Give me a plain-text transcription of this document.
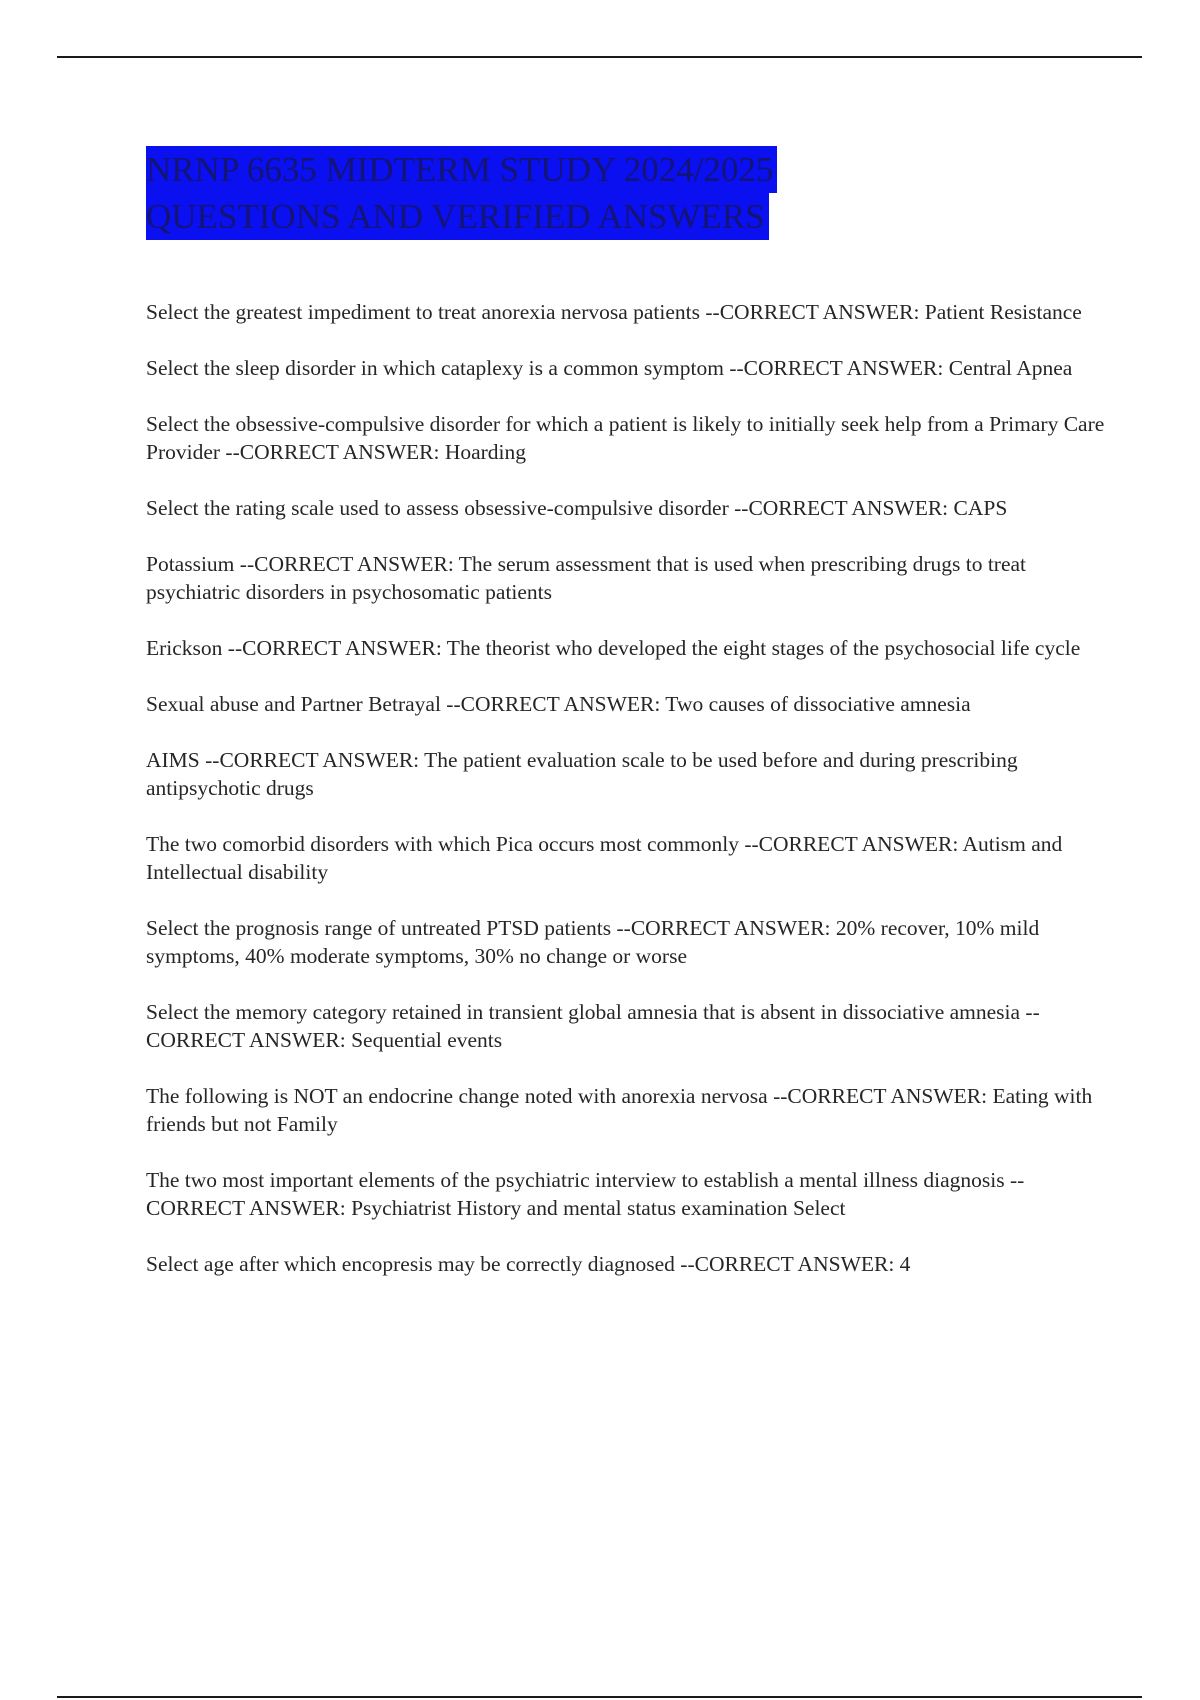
NRNP 6635 MIDTERM STUDY 2024/2025
QUESTIONS AND VERIFIED ANSWERS

Select the greatest impediment to treat anorexia nervosa patients --CORRECT ANSWER: Patient Resistance

Select the sleep disorder in which cataplexy is a common symptom --CORRECT ANSWER: Central Apnea

Select the obsessive-compulsive disorder for which a patient is likely to initially seek help from a Primary Care Provider --CORRECT ANSWER: Hoarding

Select the rating scale used to assess obsessive-compulsive disorder --CORRECT ANSWER: CAPS

Potassium --CORRECT ANSWER: The serum assessment that is used when prescribing drugs to treat psychiatric disorders in psychosomatic patients

Erickson --CORRECT ANSWER: The theorist who developed the eight stages of the psychosocial life cycle

Sexual abuse and Partner Betrayal --CORRECT ANSWER: Two causes of dissociative amnesia

AIMS --CORRECT ANSWER: The patient evaluation scale to be used before and during prescribing antipsychotic drugs

The two comorbid disorders with which Pica occurs most commonly --CORRECT ANSWER: Autism and Intellectual disability

Select the prognosis range of untreated PTSD patients --CORRECT ANSWER: 20% recover, 10% mild symptoms, 40% moderate symptoms, 30% no change or worse

Select the memory category retained in transient global amnesia that is absent in dissociative amnesia --CORRECT ANSWER: Sequential events

The following is NOT an endocrine change noted with anorexia nervosa --CORRECT ANSWER: Eating with friends but not Family

The two most important elements of the psychiatric interview to establish a mental illness diagnosis --CORRECT ANSWER: Psychiatrist History and mental status examination Select

Select age after which encopresis may be correctly diagnosed --CORRECT ANSWER: 4
